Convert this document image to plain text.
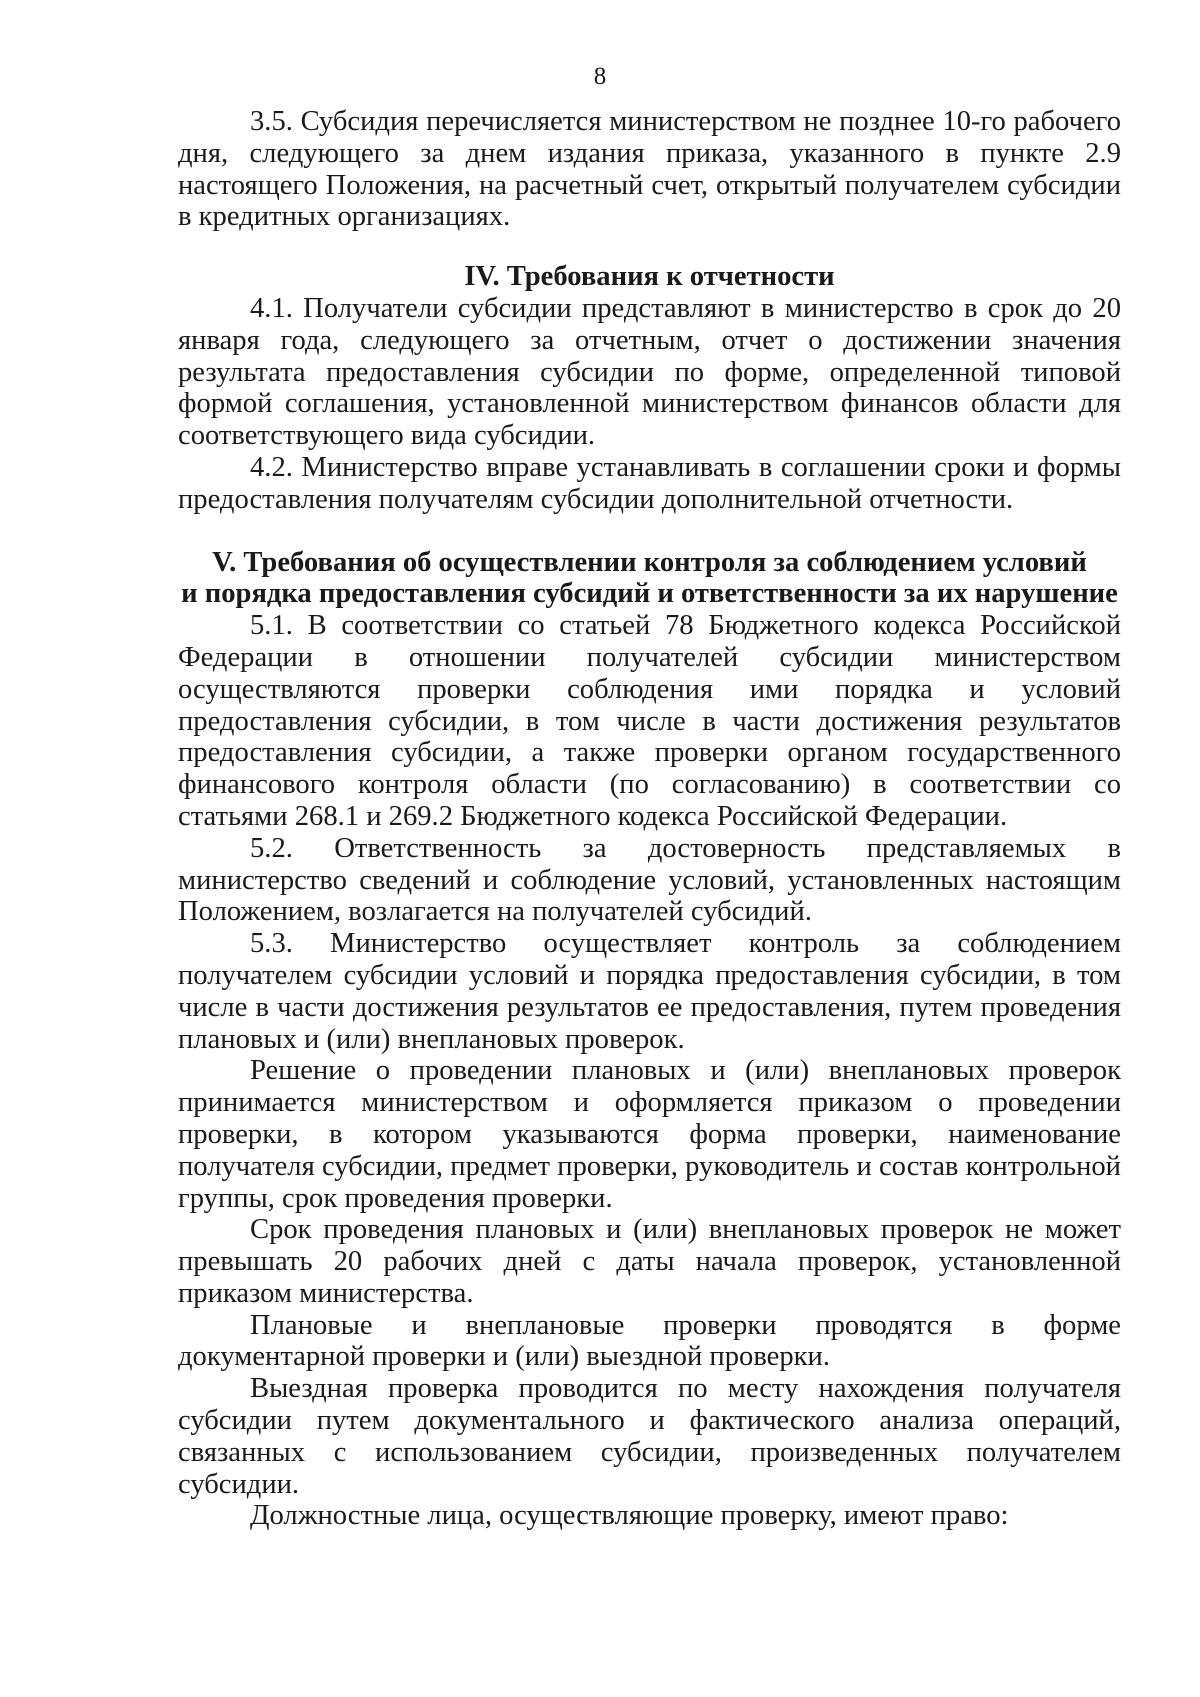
8

3.5. Субсидия перечисляется министерством не позднее 10-го рабочего дня, следующего за днем издания приказа, указанного в пункте 2.9 настоящего Положения, на расчетный счет, открытый получателем субсидии в кредитных организациях.

IV. Требования к отчетности

4.1. Получатели субсидии представляют в министерство в срок до 20 января года, следующего за отчетным, отчет о достижении значения результата предоставления субсидии по форме, определенной типовой формой соглашения, установленной министерством финансов области для соответствующего вида субсидии.

4.2. Министерство вправе устанавливать в соглашении сроки и формы предоставления получателям субсидии дополнительной отчетности.

V. Требования об осуществлении контроля за соблюдением условий
и порядка предоставления субсидий и ответственности за их нарушение

5.1. В соответствии со статьей 78 Бюджетного кодекса Российской Федерации в отношении получателей субсидии министерством осуществляются проверки соблюдения ими порядка и условий предоставления субсидии, в том числе в части достижения результатов предоставления субсидии, а также проверки органом государственного финансового контроля области (по согласованию) в соответствии со статьями 268.1 и 269.2 Бюджетного кодекса Российской Федерации.

5.2. Ответственность за достоверность представляемых в министерство сведений и соблюдение условий, установленных настоящим Положением, возлагается на получателей субсидий.

5.3. Министерство осуществляет контроль за соблюдением получателем субсидии условий и порядка предоставления субсидии, в том числе в части достижения результатов ее предоставления, путем проведения плановых и (или) внеплановых проверок.

Решение о проведении плановых и (или) внеплановых проверок принимается министерством и оформляется приказом о проведении проверки, в котором указываются форма проверки, наименование получателя субсидии, предмет проверки, руководитель и состав контрольной группы, срок проведения проверки.

Срок проведения плановых и (или) внеплановых проверок не может превышать 20 рабочих дней с даты начала проверок, установленной приказом министерства.

Плановые и внеплановые проверки проводятся в форме документарной проверки и (или) выездной проверки.

Выездная проверка проводится по месту нахождения получателя субсидии путем документального и фактического анализа операций, связанных с использованием субсидии, произведенных получателем субсидии.

Должностные лица, осуществляющие проверку, имеют право:
